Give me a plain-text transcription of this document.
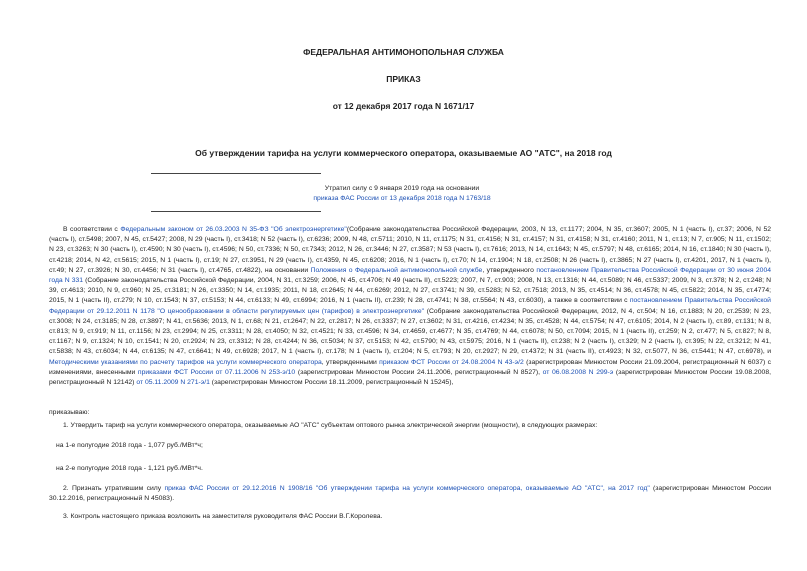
ФЕДЕРАЛЬНАЯ АНТИМОНОПОЛЬНАЯ СЛУЖБА
ПРИКАЗ
от 12 декабря 2017 года N 1671/17
Об утверждении тарифа на услуги коммерческого оператора, оказываемые АО "АТС", на 2018 год
Утратил силу с 9 января 2019 года на основании
приказа ФАС России от 13 декабря 2018 года N 1763/18
В соответствии с Федеральным законом от 26.03.2003 N 35-ФЗ "Об электроэнергетике"(Собрание законодательства Российской Федерации, 2003, N 13, ст.1177; 2004, N 35, ст.3607; 2005, N 1 (часть I), ст.37; 2006, N 52 (часть I), ст.5498; 2007, N 45, ст.5427; 2008, N 29 (часть I), ст.3418; N 52 (часть I), ст.6236; 2009, N 48, ст.5711; 2010, N 11, ст.1175; N 31, ст.4156; N 31, ст.4157; N 31, ст.4158; N 31, ст.4160; 2011, N 1, ст.13; N 7, ст.905; N 11, ст.1502; N 23, ст.3263; N 30 (часть I), ст.4590; N 30 (часть I), ст.4596; N 50, ст.7336; N 50, ст.7343; 2012, N 26, ст.3446; N 27, ст.3587; N 53 (часть I), ст.7616; 2013, N 14, ст.1643; N 45, ст.5797; N 48, ст.6165; 2014, N 16, ст.1840; N 30 (часть I), ст.4218; 2014, N 42, ст.5615; 2015, N 1 (часть I), ст.19; N 27, ст.3951, N 29 (часть I), ст.4359, N 45, ст.6208; 2016, N 1 (часть I), ст.70; N 14, ст.1904; N 18, ст.2508; N 26 (часть I), ст.3865; N 27 (часть I), ст.4201, 2017, N 1 (часть I), ст.49; N 27, ст.3926; N 30, ст.4456; N 31 (часть I), ст.4765, ст.4822), на основании Положения о Федеральной антимонопольной службе, утвержденного постановлением Правительства Российской Федерации от 30 июня 2004 года N 331 (Собрание законодательства Российской Федерации, 2004, N 31, ст.3259; 2006, N 45, ст.4706; N 49 (часть II), ст.5223; 2007, N 7, ст.903; 2008, N 13, ст.1316; N 44, ст.5089; N 46, ст.5337; 2009, N 3, ст.378; N 2, ст.248; N 39, ст.4613; 2010, N 9, ст.960; N 25, ст.3181; N 26, ст.3350; N 14, ст.1935; 2011, N 18, ст.2645; N 44, ст.6269; 2012, N 27, ст.3741; N 39, ст.5283; N 52, ст.7518; 2013, N 35, ст.4514; N 36, ст.4578; N 45, ст.5822; 2014, N 35, ст.4774; 2015, N 1 (часть II), ст.279; N 10, ст.1543; N 37, ст.5153; N 44, ст.6133; N 49, ст.6994; 2016, N 1 (часть II), ст.239; N 28, ст.4741; N 38, ст.5564; N 43, ст.6030), а также в соответствии с постановлением Правительства Российской Федерации от 29.12.2011 N 1178 "О ценообразовании в области регулируемых цен (тарифов) в электроэнергетике" (Собрание законодательства Российской Федерации, 2012, N 4, ст.504; N 16, ст.1883; N 20, ст.2539; N 23, ст.3008; N 24, ст.3185; N 28, ст.3897; N 41, ст.5636; 2013, N 1, ст.68; N 21, ст.2647; N 22, ст.2817; N 26, ст.3337; N 27, ст.3602; N 31, ст.4216, ст.4234; N 35, ст.4528; N 44, ст.5754; N 47, ст.6105; 2014, N 2 (часть I), ст.89, ст.131; N 8, ст.813; N 9, ст.919; N 11, ст.1156; N 23, ст.2994; N 25, ст.3311; N 28, ст.4050; N 32, ст.4521; N 33, ст.4596; N 34, ст.4659, ст.4677; N 35, ст.4769; N 44, ст.6078; N 50, ст.7094; 2015, N 1 (часть II), ст.259; N 2, ст.477; N 5, ст.827; N 8, ст.1167; N 9, ст.1324; N 10, ст.1541; N 20, ст.2924; N 23, ст.3312; N 28, ст.4244; N 36, ст.5034; N 37, ст.5153; N 42, ст.5790; N 43, ст.5975; 2016, N 1 (часть II), ст.238; N 2 (часть I), ст.329; N 2 (часть I), ст.395; N 22, ст.3212; N 41, ст.5838; N 43, ст.6034; N 44, ст.6135; N 47, ст.6641; N 49, ст.6928; 2017, N 1 (часть I), ст.178; N 1 (часть I), ст.204; N 5, ст.793; N 20, ст.2927; N 29, ст.4372; N 31 (часть II), ст.4923; N 32, ст.5077, N 36, ст.5441; N 47, ст.6978), и Методическими указаниями по расчету тарифов на услуги коммерческого оператора, утвержденными приказом ФСТ России от 24.08.2004 N 43-э/2 (зарегистрирован Минюстом России 21.09.2004, регистрационный N 6037) с изменениями, внесенными приказами ФСТ России от 07.11.2006 N 253-э/10 (зарегистрирован Минюстом России 24.11.2006, регистрационный N 8527), от 06.08.2008 N 299-э (зарегистрирован Минюстом России 19.08.2008, регистрационный N 12142) от 05.11.2009 N 271-э/1 (зарегистрирован Минюстом России 18.11.2009, регистрационный N 15245),
приказываю:
1. Утвердить тариф на услуги коммерческого оператора, оказываемые АО "АТС" субъектам оптового рынка электрической энергии (мощности), в следующих размерах:
на 1-е полугодие 2018 года - 1,077 руб./МВт*ч;
на 2-е полугодие 2018 года - 1,121 руб./МВт*ч.
2. Признать утратившим силу приказ ФАС России от 29.12.2016 N 1908/16 "Об утверждении тарифа на услуги коммерческого оператора, оказываемые АО "АТС", на 2017 год" (зарегистрирован Минюстом России 30.12.2016, регистрационный N 45083).
3. Контроль настоящего приказа возложить на заместителя руководителя ФАС России В.Г.Королева.
